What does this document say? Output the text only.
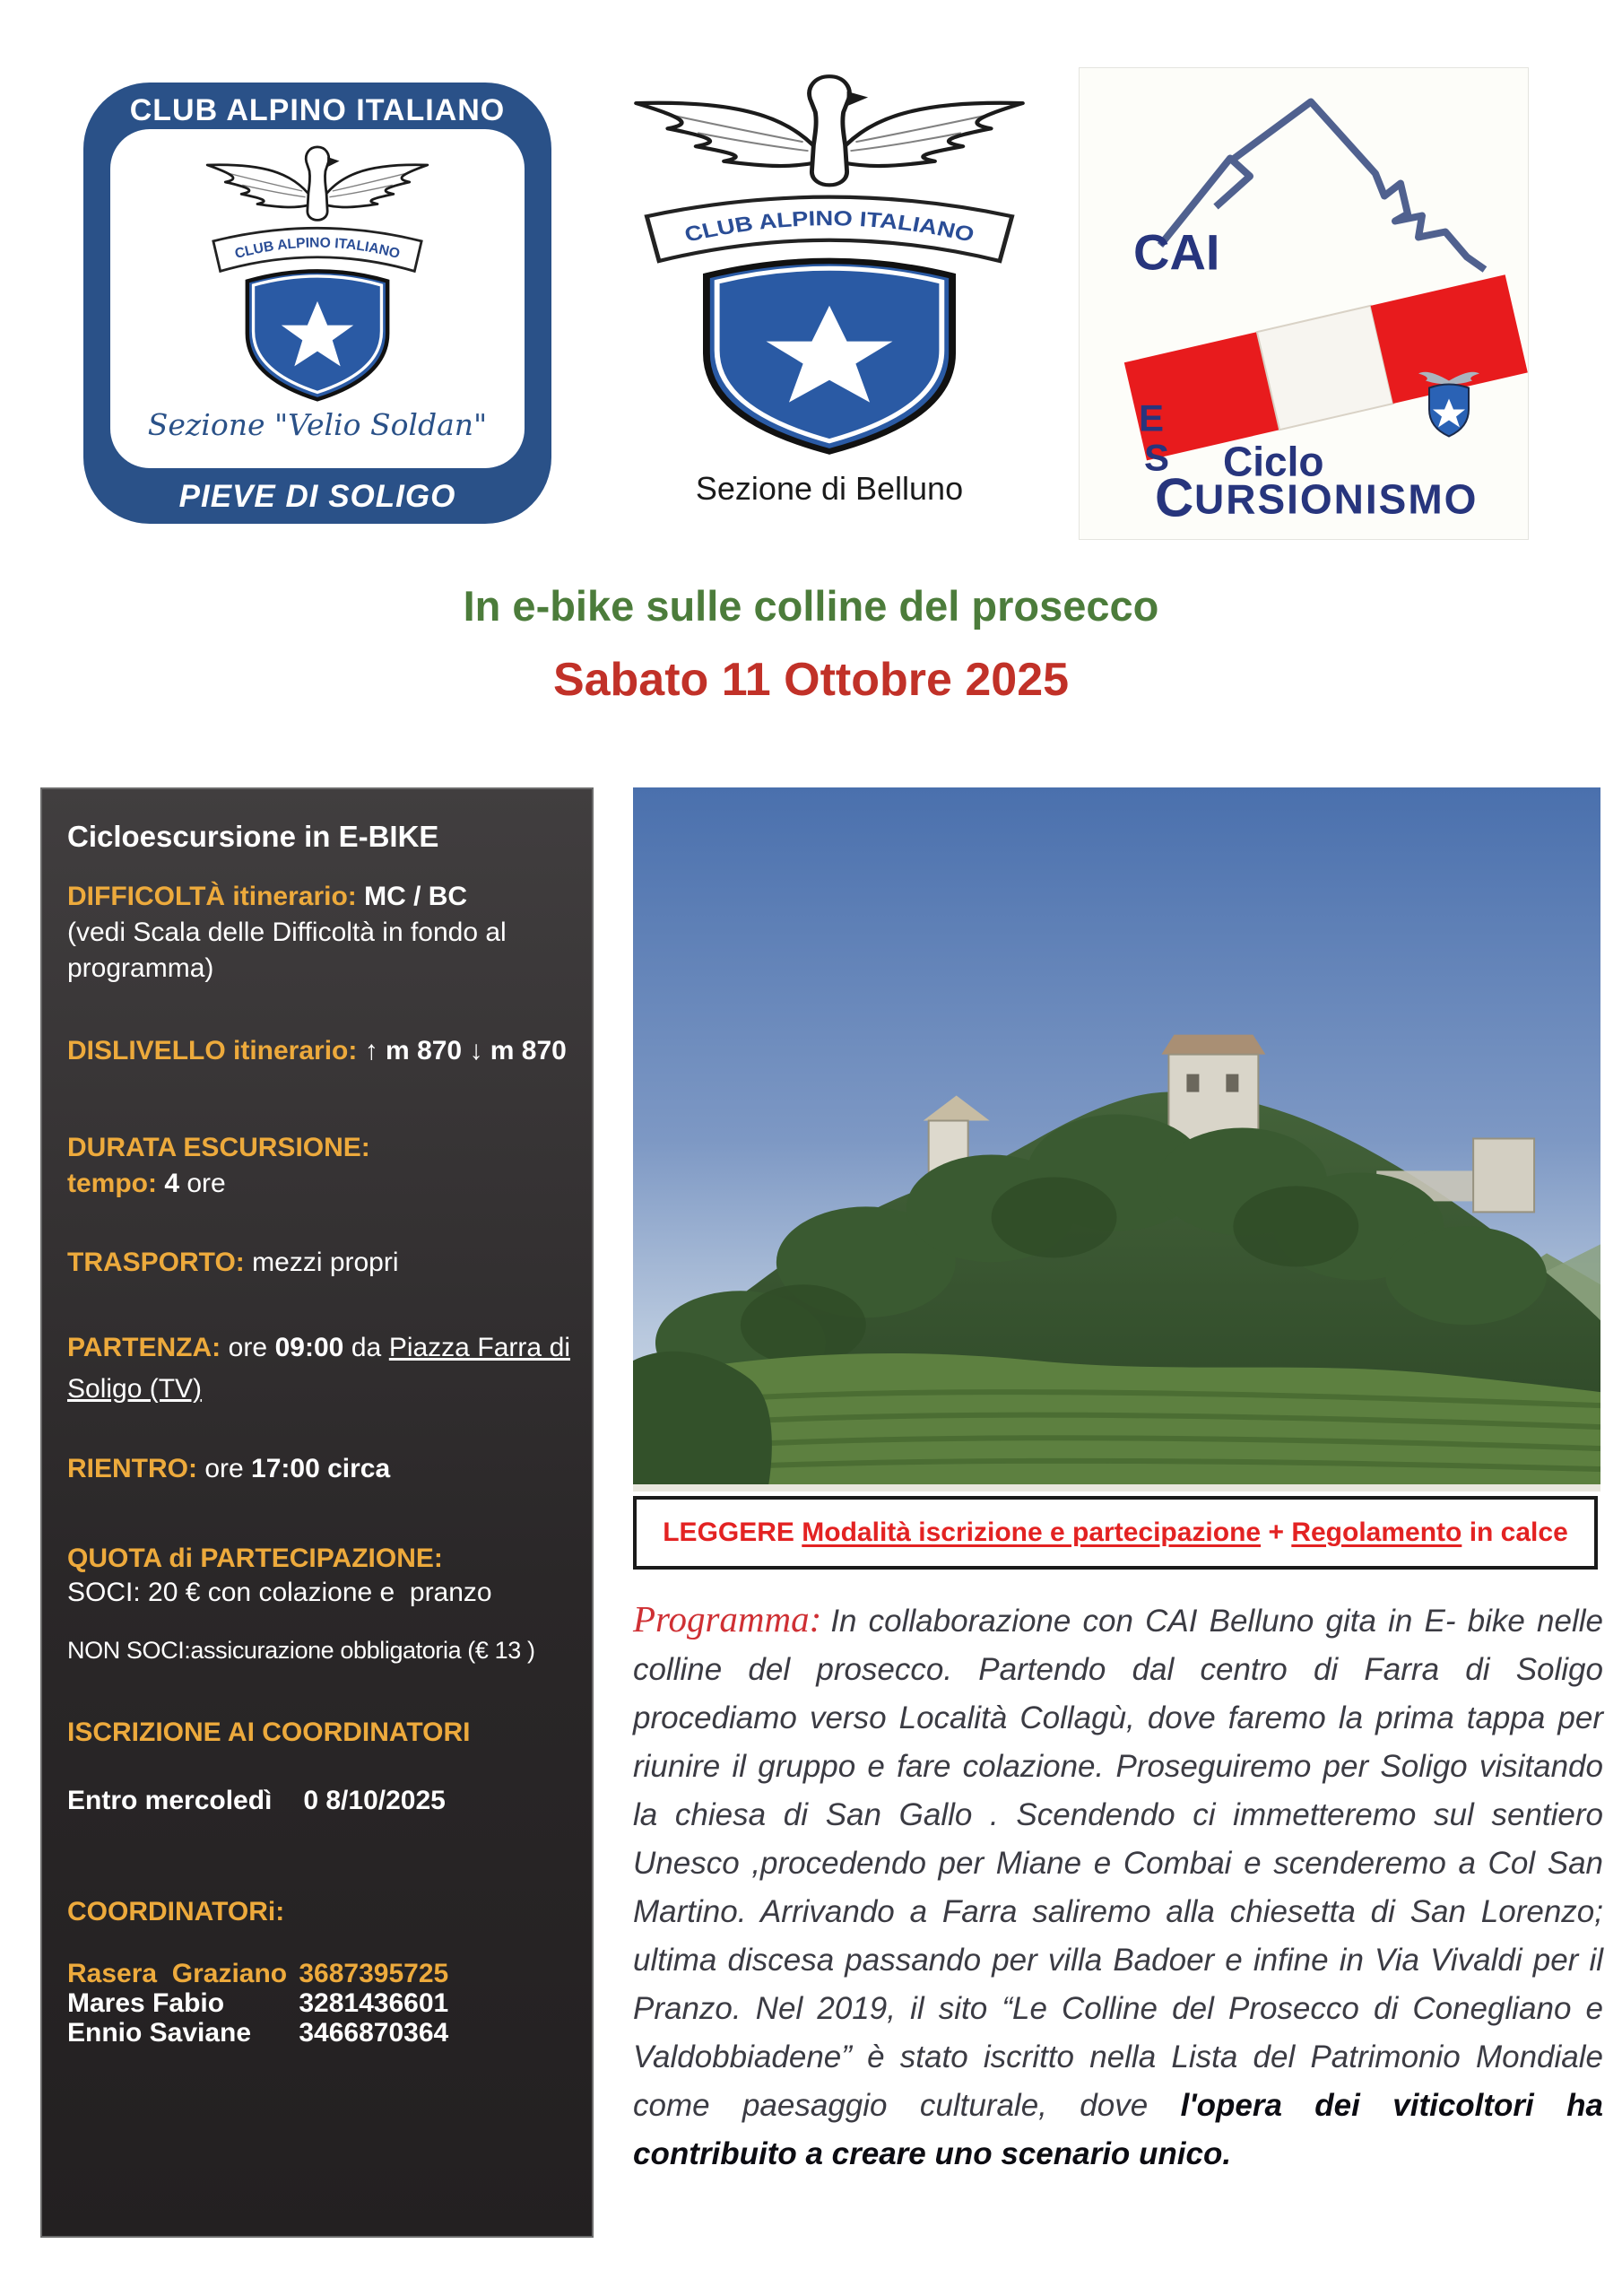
CLUB ALPINO ITALIANO
CLUB ALPINO ITALIANO
Sezione "Velio Soldan"
PIEVE DI SOLIGO
CLUB ALPINO ITALIANO
Sezione di Belluno
CAI
E
S Ciclo
C URSIONISMO
In e-bike sulle colline del prosecco
Sabato 11 Ottobre 2025
Cicloescursione in E-BIKE
DIFFICOLTÀ itinerario: MC / BC
(vedi Scala delle Difficoltà in fondo al programma)
DISLIVELLO itinerario: ↑ m 870 ↓ m 870
DURATA ESCURSIONE:
tempo: 4 ore
TRASPORTO: mezzi propri
PARTENZA: ore 09:00 da Piazza Farra di Soligo (TV)
RIENTRO: ore 17:00 circa
QUOTA di PARTECIPAZIONE:
SOCI: 20 € con colazione e  pranzo
NON SOCI:assicurazione obbligatoria (€ 13 )
ISCRIZIONE AI COORDINATORI
Entro mercoledì 0 8/10/2025
COORDINATORi:
Rasera  Graziano 3687395725
Mares Fabio	3281436601
Ennio Saviane 3466870364
LEGGERE
Modalità iscrizione e partecipazione
+
Regolamento
in calce
Programma: In collaborazione con CAI Belluno gita in E- bike nelle colline del prosecco. Partendo dal centro di Farra di Soligo procediamo verso Località Collagù, dove faremo la prima tappa per riunire il gruppo e fare colazione. Proseguiremo per Soligo visitando la chiesa di San Gallo . Scendendo ci immetteremo sul sentiero Unesco ,procedendo per Miane e Combai e scenderemo a Col San Martino. Arrivando a Farra saliremo alla chiesetta di San Lorenzo; ultima discesa passando per villa Badoer e infine in Via Vivaldi per il Pranzo. Nel 2019, il sito “Le Colline del Prosecco di Conegliano e Valdobbiadene” è stato iscritto nella Lista del Patrimonio Mondiale come paesaggio culturale, dove l'opera dei viticoltori ha contribuito a creare uno scenario unico.
